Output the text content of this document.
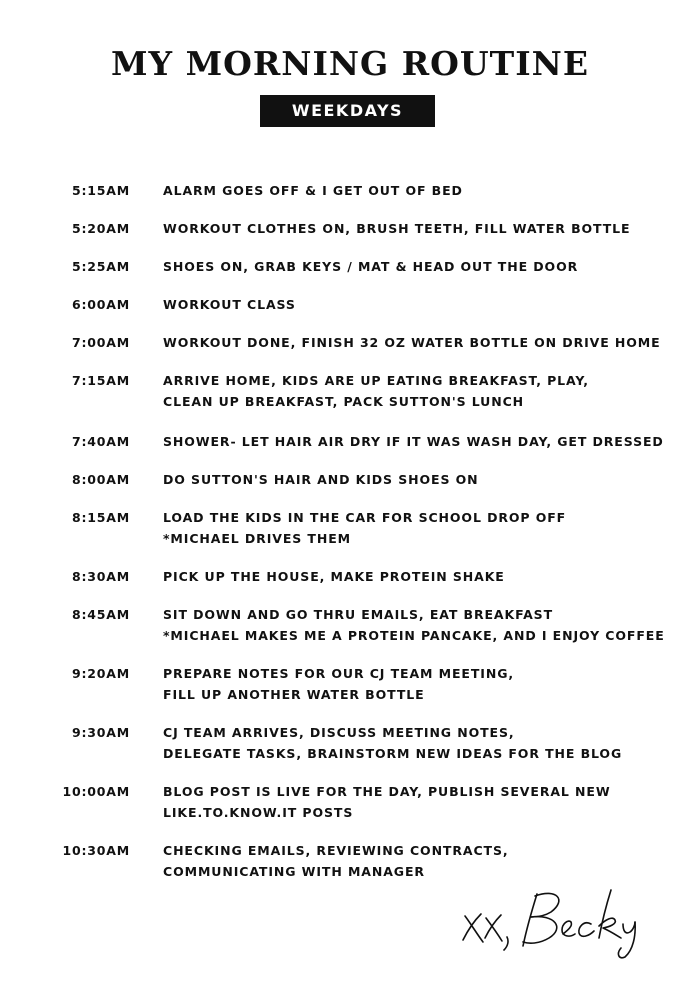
MY MORNING ROUTINE
WEEKDAYS
5:15AM	ALARM GOES OFF & I GET OUT OF BED
5:20AM	WORKOUT CLOTHES ON, BRUSH TEETH, FILL WATER BOTTLE
5:25AM	SHOES ON, GRAB KEYS / MAT & HEAD OUT THE DOOR
6:00AM	WORKOUT CLASS
7:00AM	WORKOUT DONE, FINISH 32 OZ WATER BOTTLE ON DRIVE HOME
7:15AM	ARRIVE HOME, KIDS ARE UP EATING BREAKFAST, PLAY,
CLEAN UP BREAKFAST, PACK SUTTON'S LUNCH
7:40AM	SHOWER- LET HAIR AIR DRY IF IT WAS WASH DAY, GET DRESSED
8:00AM	DO SUTTON'S HAIR AND KIDS SHOES ON
8:15AM	LOAD THE KIDS IN THE CAR FOR SCHOOL DROP OFF
*MICHAEL DRIVES THEM
8:30AM	PICK UP THE HOUSE, MAKE PROTEIN SHAKE
8:45AM	SIT DOWN AND GO THRU EMAILS, EAT BREAKFAST
*MICHAEL MAKES ME A PROTEIN PANCAKE, AND I ENJOY COFFEE
9:20AM	PREPARE NOTES FOR OUR CJ TEAM MEETING,
FILL UP ANOTHER WATER BOTTLE
9:30AM	CJ TEAM ARRIVES, DISCUSS MEETING NOTES,
DELEGATE TASKS, BRAINSTORM NEW IDEAS FOR THE BLOG
10:00AM	BLOG POST IS LIVE FOR THE DAY, PUBLISH SEVERAL NEW
LIKE.TO.KNOW.IT POSTS
10:30AM	CHECKING EMAILS, REVIEWING CONTRACTS,
COMMUNICATING WITH MANAGER
